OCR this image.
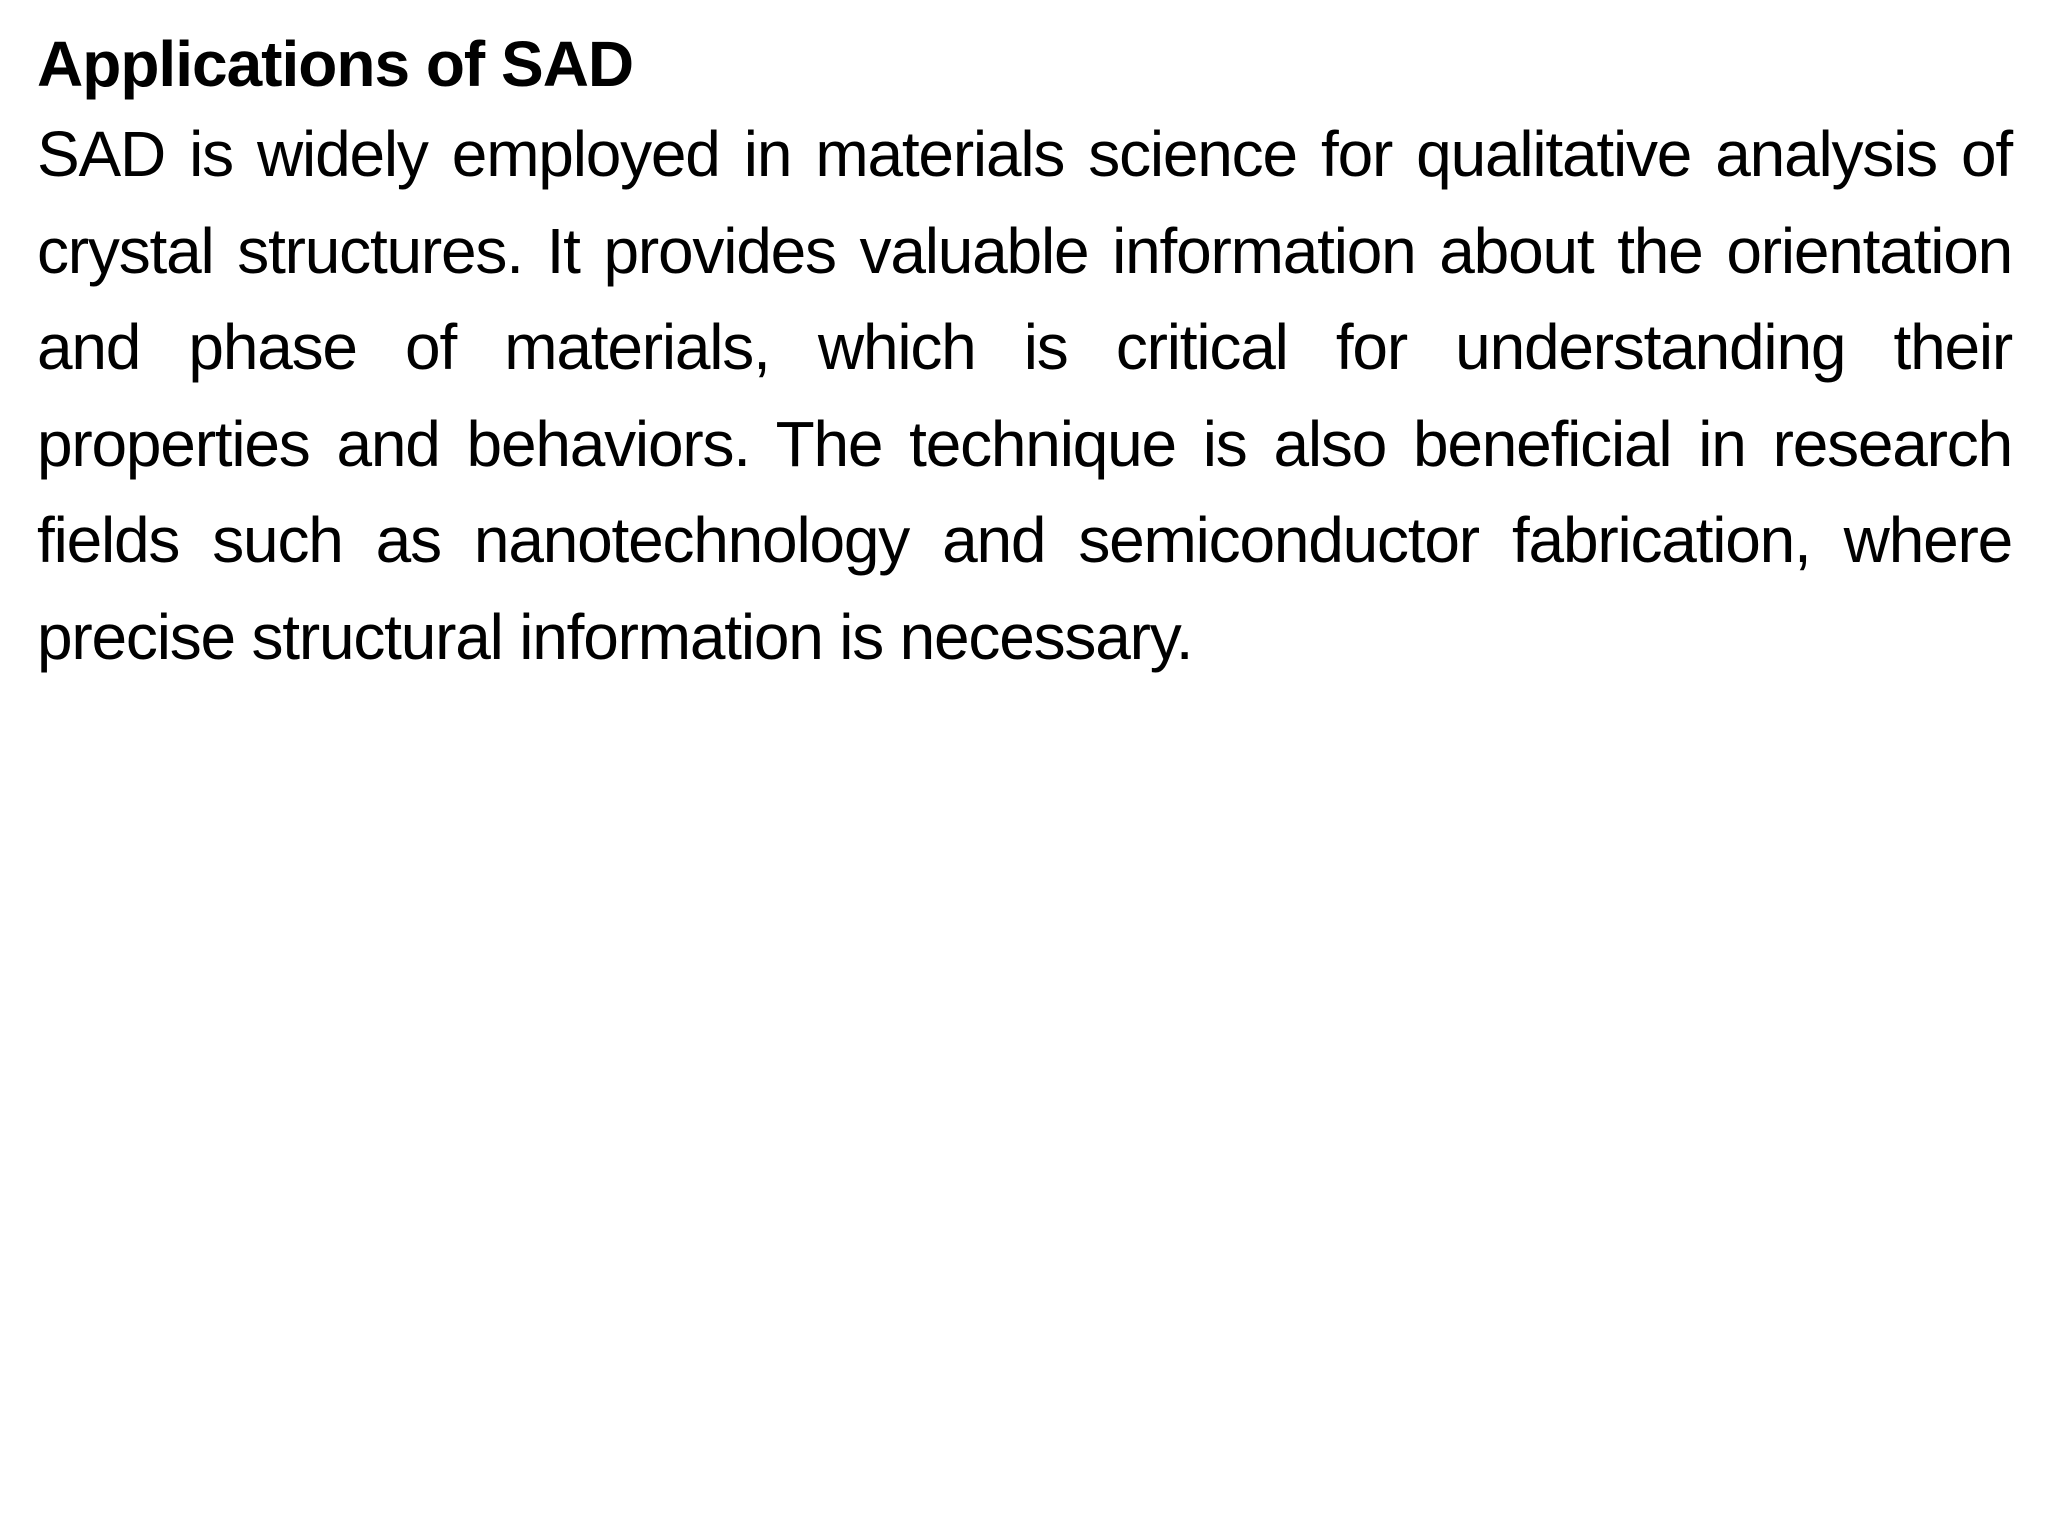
Applications of SAD

SAD is widely employed in materials science for qualitative analysis of crystal structures. It provides valuable information about the orientation and phase of materials, which is critical for understanding their properties and behaviors. The technique is also beneficial in research fields such as nanotechnology and semiconductor fabrication, where precise structural information is necessary.
